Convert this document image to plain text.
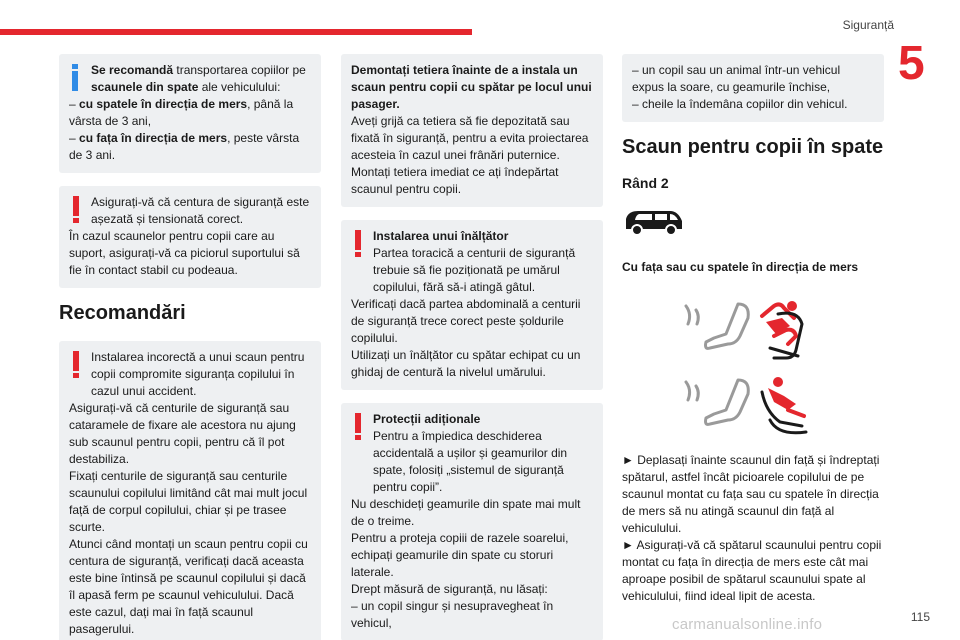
Siguranță
5

Se recomandă transportarea copiilor pe
scaunele din spate ale vehiculului:

– cu spatele în direcția de mers, până la vârsta de 3 ani,

– cu fața în direcția de mers, peste vârsta de 3 ani.

Asigurați-vă că centura de siguranță este așezată și tensionată corect.

În cazul scaunelor pentru copii care au suport, asigurați-vă ca piciorul suportului să fie în contact stabil cu podeaua.

Recomandări

Instalarea incorectă a unui scaun pentru copii compromite siguranța copilului în cazul unui accident.

Asigurați-vă că centurile de siguranță sau cataramele de fixare ale acestora nu ajung sub scaunul pentru copii, pentru că îl pot destabiliza.

Fixați centurile de siguranță sau centurile scaunului copilului limitând cât mai mult jocul față de corpul copilului, chiar și pe trasee scurte.

Atunci când montați un scaun pentru copii cu centura de siguranță, verificați dacă aceasta este bine întinsă pe scaunul copilului și dacă îl apasă ferm pe scaunul vehiculului. Dacă este cazul, dați mai în față scaunul pasagerului.

Demontați tetiera înainte de a instala un scaun pentru copii cu spătar pe locul unui pasager.

Aveți grijă ca tetiera să fie depozitată sau fixată în siguranță, pentru a evita proiectarea acesteia în cazul unei frânări puternice. Montați tetiera imediat ce ați îndepărtat scaunul pentru copii.

Instalarea unui înălțător
Partea toracică a centurii de siguranță trebuie să fie poziționată pe umărul copilului, fără să-i atingă gâtul.

Verificați dacă partea abdominală a centurii de siguranță trece corect peste șoldurile copilului.

Utilizați un înălțător cu spătar echipat cu un ghidaj de centură la nivelul umărului.

Protecții adiționale
Pentru a împiedica deschiderea accidentală a ușilor și geamurilor din spate, folosiți „sistemul de siguranță pentru copii”.

Nu deschideți geamurile din spate mai mult de o treime.

Pentru a proteja copiii de razele soarelui, echipați geamurile din spate cu storuri laterale.

Drept măsură de siguranță, nu lăsați:

– un copil singur și nesupravegheat în vehicul,

– un copil sau un animal într-un vehicul expus la soare, cu geamurile închise,

– cheile la îndemâna copiilor din vehicul.

Scaun pentru copii în spate
Rând 2
Cu fața sau cu spatele în direcția de mers

► Deplasați înainte scaunul din față și îndreptați spătarul, astfel încât picioarele copilului de pe scaunul montat cu fața sau cu spatele în direcția de mers să nu atingă scaunul din față al vehiculului.

► Asigurați-vă că spătarul scaunului pentru copii montat cu fața în direcția de mers este cât mai aproape posibil de spătarul scaunului spate al vehiculului, fiind ideal lipit de acesta.

115
carmanualsonline.info
